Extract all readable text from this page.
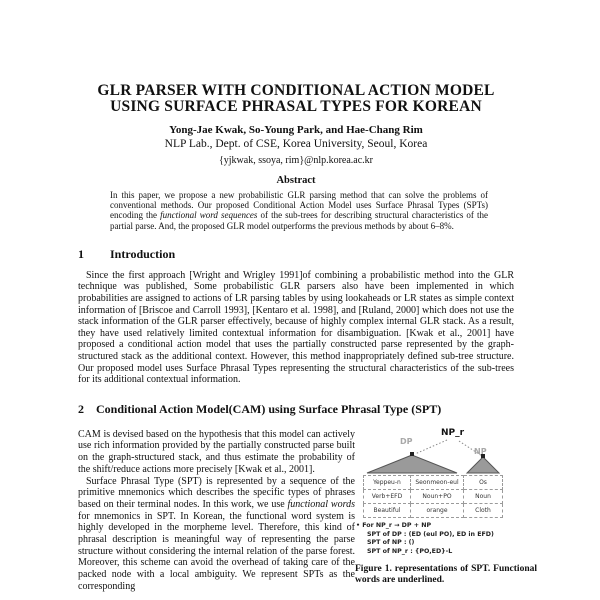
GLR PARSER WITH CONDITIONAL ACTION MODEL
USING SURFACE PHRASAL TYPES FOR KOREAN
Yong-Jae Kwak, So-Young Park, and Hae-Chang Rim
NLP Lab., Dept. of CSE, Korea University, Seoul, Korea
{yjkwak, ssoya, rim}@nlp.korea.ac.kr
Abstract
In this paper, we propose a new probabilistic GLR parsing method that can solve the problems of conventional methods. Our proposed Conditional Action Model uses Surface Phrasal Types (SPTs) encoding the functional word sequences of the sub-trees for describing structural characteristics of the partial parse. And, the proposed GLR model outperforms the previous methods by about 6–8%.
1 Introduction
Since the first approach [Wright and Wrigley 1991]of combining a probabilistic method into the GLR technique was published, Some probabilistic GLR parsers also have been implemented in which probabilities are assigned to actions of LR parsing tables by using lookaheads or LR states as simple context information of [Briscoe and Carroll 1993], [Kentaro et al. 1998], and [Ruland, 2000] which does not use the stack information of the GLR parser effectively, because of highly complex internal GLR stack. As a result, they have used relatively limited contextual information for disambiguation. [Kwak et al., 2001] have proposed a conditional action model that uses the partially constructed parse represented by the graph-structured stack as the additional context. However, this method inappropriately defined sub-tree structure. Our proposed model uses Surface Phrasal Types representing the structural characteristics of the sub-trees for its additional contextual information.
2 Conditional Action Model(CAM) using Surface Phrasal Type (SPT)

CAM is devised based on the hypothesis that this model can actively use rich information provided by the partially constructed parse built on the graph-structured stack, and thus estimate the probability of the shift/reduce actions more precisely [Kwak et al., 2001].

Surface Phrasal Type (SPT) is represented by a sequence of the primitive mnemonics which describes the specific types of phrases based on their terminal nodes. In this work, we use functional words for mnemonics in SPT. In Korean, the functional word system is highly developed in the morpheme level. Therefore, this kind of phrasal description is meaningful way of representing the parse structure without considering the internal relation of the parse forest. Moreover, this scheme can avoid the overhead of taking care of the packed node with a local ambiguity. We represent SPTs as the corresponding

NP_r
DP
NP
Yeppeu-n	Seonmeon-eul	Os
Verb+EFD	Noun+PO	Noun
Beautiful	orange	Cloth
• For NP_r → DP + NP
SPT of DP : (ED (eul PO), ED in EFD)
SPT of NP : ()
SPT of NP_r : {PO,ED}-L
Figure 1. representations of SPT. Functional words are underlined.
